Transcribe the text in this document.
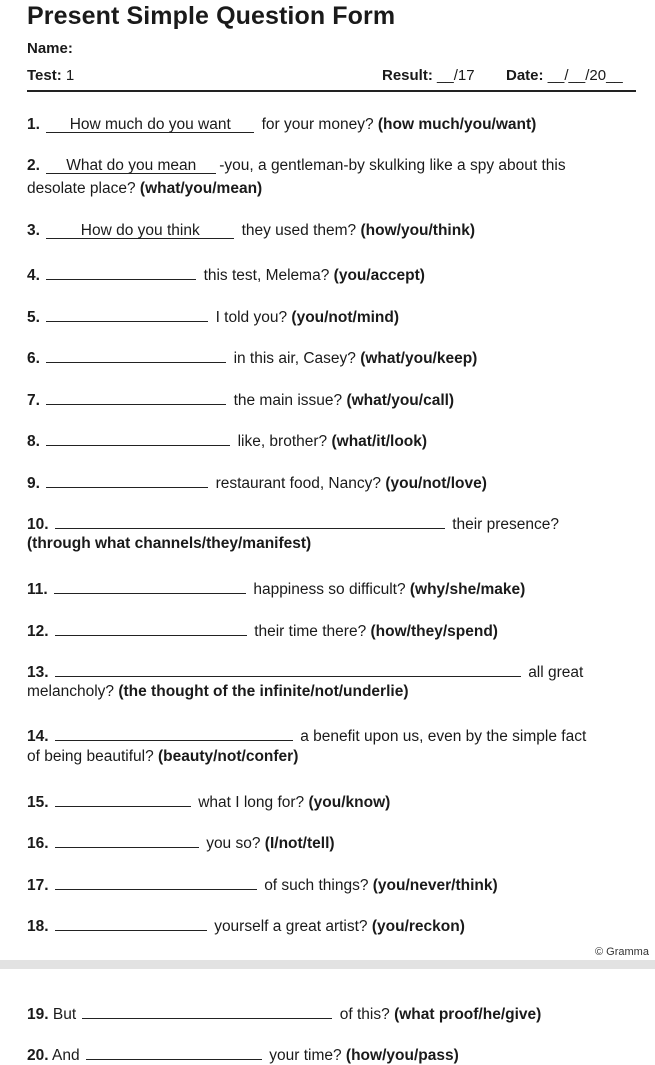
Present Simple Question Form
Name:
Test: 1	Result: __/17 Date: __/__/20__
1. How much do you want for your money? (how much/you/want)
2. What do you mean -you, a gentleman-by skulking like a spy about this
desolate place? (what/you/mean)
3.	How do you think	they used them? (how/you/think)
4.	this test, Melema? (you/accept)
5.	I told you? (you/not/mind)
6.	in this air, Casey? (what/you/keep)
7.	the main issue? (what/you/call)
8.	like, brother? (what/it/look)
9.	restaurant food, Nancy? (you/not/love)
10.	their presence?
(through what channels/they/manifest)
11.	happiness so difficult? (why/she/make)
12.	their time there? (how/they/spend)
13.	all great
melancholy? (the thought of the infinite/not/underlie)
14.	a benefit upon us, even by the simple fact
of being beautiful? (beauty/not/confer)
15.	what I long for? (you/know)
16.	you so? (I/not/tell)
17.	of such things? (you/never/think)
18.	yourself a great artist? (you/reckon)
© Gramma
19. But	of this? (what proof/he/give)
20. And	your time? (how/you/pass)
